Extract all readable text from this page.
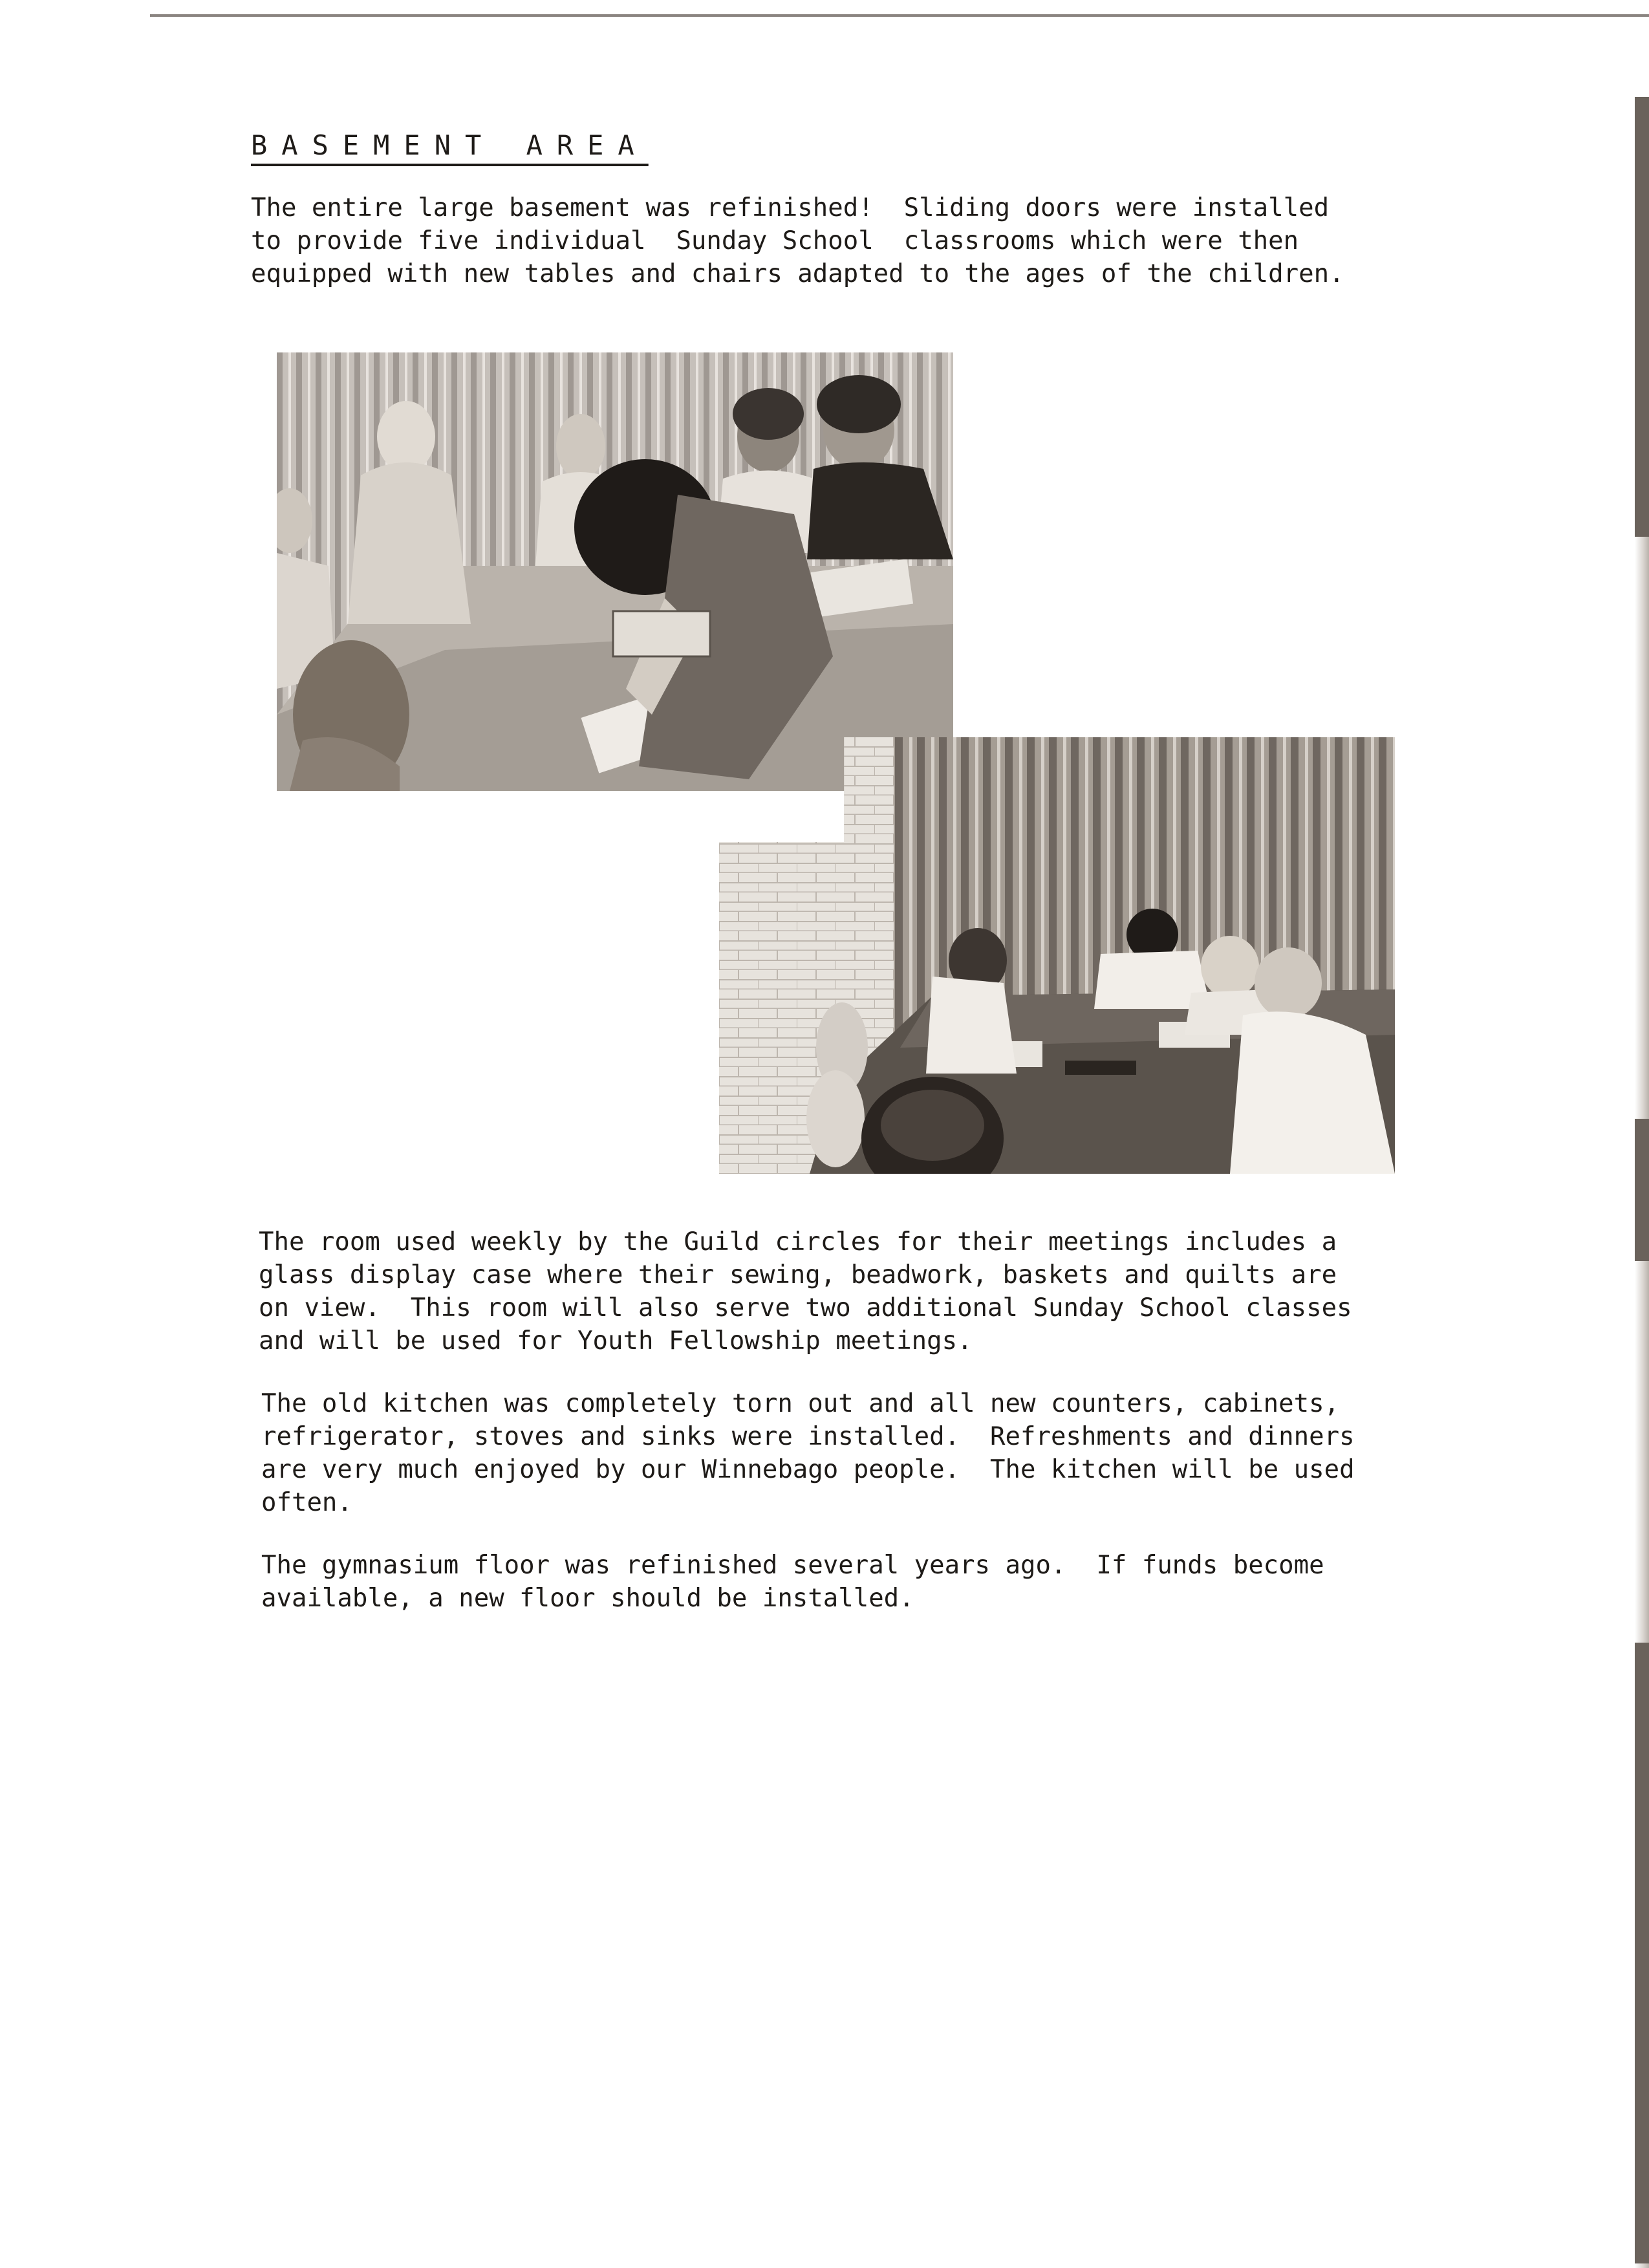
BASEMENT AREA

The entire large basement was refinished!  Sliding doors were installed
to provide five individual  Sunday School  classrooms which were then
equipped with new tables and chairs adapted to the ages of the children.

The room used weekly by the Guild circles for their meetings includes a
glass display case where their sewing, beadwork, baskets and quilts are
on view.  This room will also serve two additional Sunday School classes
and will be used for Youth Fellowship meetings.

The old kitchen was completely torn out and all new counters, cabinets,
refrigerator, stoves and sinks were installed.  Refreshments and dinners
are very much enjoyed by our Winnebago people.  The kitchen will be used
often.

The gymnasium floor was refinished several years ago.  If funds become
available, a new floor should be installed.
